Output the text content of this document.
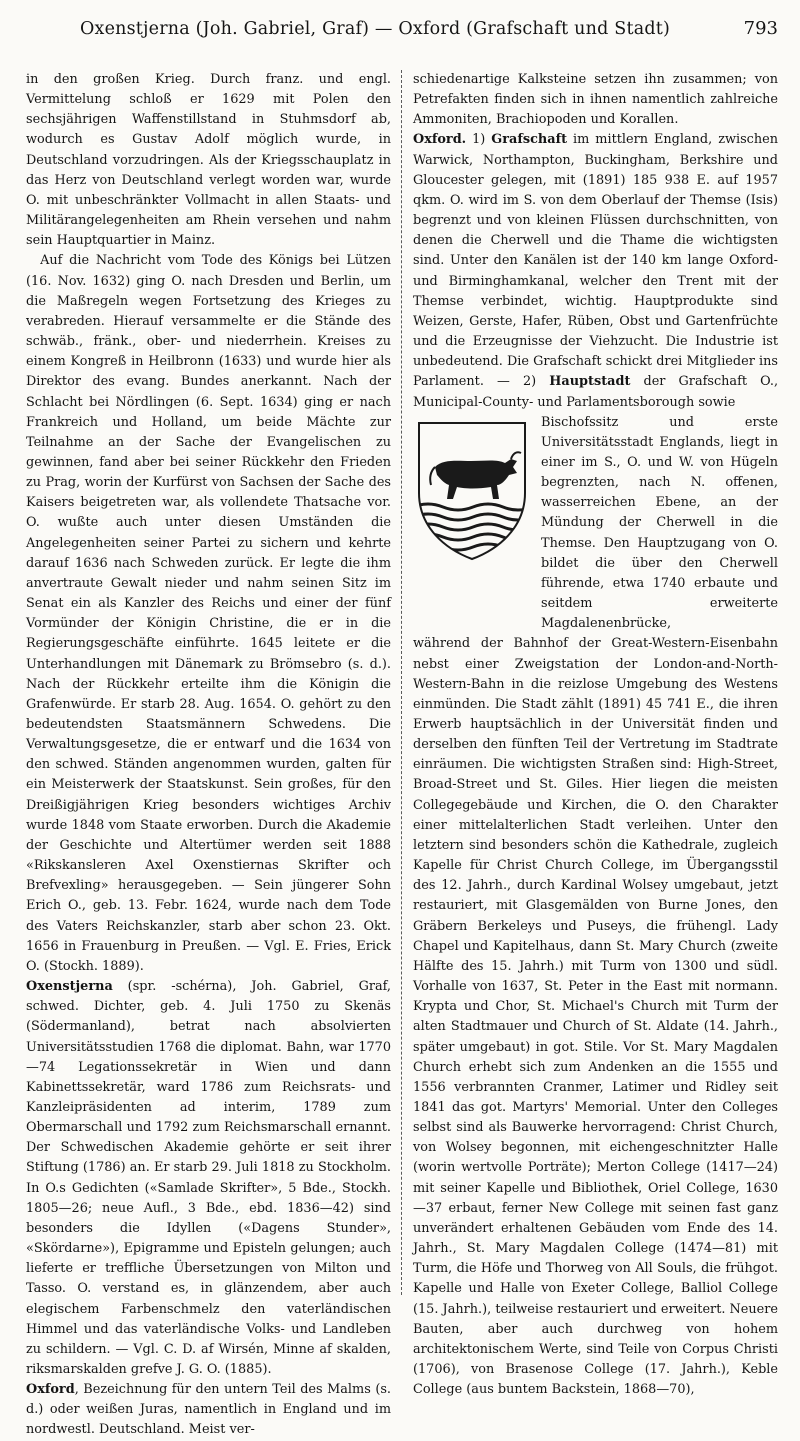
Oxenstjerna (Joh. Gabriel, Graf) — Oxford (Grafschaft und Stadt)	793

in den großen Krieg. Durch franz. und engl. Vermittelung schloß er 1629 mit Polen den sechsjährigen Waffenstillstand in Stuhmsdorf ab, wodurch es Gustav Adolf möglich wurde, in Deutschland vorzudringen. Als der Kriegsschauplatz in das Herz von Deutschland verlegt worden war, wurde O. mit unbeschränkter Vollmacht in allen Staats- und Militärangelegenheiten am Rhein versehen und nahm sein Hauptquartier in Mainz.

Auf die Nachricht vom Tode des Königs bei Lützen (16. Nov. 1632) ging O. nach Dresden und Berlin, um die Maßregeln wegen Fortsetzung des Krieges zu verabreden. Hierauf versammelte er die Stände des schwäb., fränk., ober- und niederrhein. Kreises zu einem Kongreß in Heilbronn (1633) und wurde hier als Direktor des evang. Bundes anerkannt. Nach der Schlacht bei Nördlingen (6. Sept. 1634) ging er nach Frankreich und Holland, um beide Mächte zur Teilnahme an der Sache der Evangelischen zu gewinnen, fand aber bei seiner Rückkehr den Frieden zu Prag, worin der Kurfürst von Sachsen der Sache des Kaisers beigetreten war, als vollendete Thatsache vor. O. wußte auch unter diesen Umständen die Angelegenheiten seiner Partei zu sichern und kehrte darauf 1636 nach Schweden zurück. Er legte die ihm anvertraute Gewalt nieder und nahm seinen Sitz im Senat ein als Kanzler des Reichs und einer der fünf Vormünder der Königin Christine, die er in die Regierungsgeschäfte einführte. 1645 leitete er die Unterhandlungen mit Dänemark zu Brömsebro (s. d.). Nach der Rückkehr erteilte ihm die Königin die Grafenwürde. Er starb 28. Aug. 1654. O. gehört zu den bedeutendsten Staatsmännern Schwedens. Die Verwaltungsgesetze, die er entwarf und die 1634 von den schwed. Ständen angenommen wurden, galten für ein Meisterwerk der Staatskunst. Sein großes, für den Dreißigjährigen Krieg besonders wichtiges Archiv wurde 1848 vom Staate erworben. Durch die Akademie der Geschichte und Altertümer werden seit 1888 «Rikskansleren Axel Oxenstiernas Skrifter och Brefvexling» herausgegeben. — Sein jüngerer Sohn Erich O., geb. 13. Febr. 1624, wurde nach dem Tode des Vaters Reichskanzler, starb aber schon 23. Okt. 1656 in Frauenburg in Preußen. — Vgl. E. Fries, Erick O. (Stockh. 1889).

Oxenstjerna (spr. -schérna), Joh. Gabriel, Graf, schwed. Dichter, geb. 4. Juli 1750 zu Skenäs (Södermanland), betrat nach absolvierten Universitätsstudien 1768 die diplomat. Bahn, war 1770—74 Legationssekretär in Wien und dann Kabinettssekretär, ward 1786 zum Reichsrats- und Kanzleipräsidenten ad interim, 1789 zum Obermarschall und 1792 zum Reichsmarschall ernannt. Der Schwedischen Akademie gehörte er seit ihrer Stiftung (1786) an. Er starb 29. Juli 1818 zu Stockholm. In O.s Gedichten («Samlade Skrifter», 5 Bde., Stockh. 1805—26; neue Aufl., 3 Bde., ebd. 1836—42) sind besonders die Idyllen («Dagens Stunder», «Skördarne»), Epigramme und Episteln gelungen; auch lieferte er treffliche Übersetzungen von Milton und Tasso. O. verstand es, in glänzendem, aber auch elegischem Farbenschmelz den vaterländischen Himmel und das vaterländische Volks- und Landleben zu schildern. — Vgl. C. D. af Wirsén, Minne af skalden, riksmarskalden grefve J. G. O. (1885).

Oxford, Bezeichnung für den untern Teil des Malms (s. d.) oder weißen Juras, namentlich in England und im nordwestl. Deutschland. Meist ver-

schiedenartige Kalksteine setzen ihn zusammen; von Petrefakten finden sich in ihnen namentlich zahlreiche Ammoniten, Brachiopoden und Korallen.

Oxford. 1) Grafschaft im mittlern England, zwischen Warwick, Northampton, Buckingham, Berkshire und Gloucester gelegen, mit (1891) 185 938 E. auf 1957 qkm. O. wird im S. von dem Oberlauf der Themse (Isis) begrenzt und von kleinen Flüssen durchschnitten, von denen die Cherwell und die Thame die wichtigsten sind. Unter den Kanälen ist der 140 km lange Oxford- und Birminghamkanal, welcher den Trent mit der Themse verbindet, wichtig. Hauptprodukte sind Weizen, Gerste, Hafer, Rüben, Obst und Gartenfrüchte und die Erzeugnisse der Viehzucht. Die Industrie ist unbedeutend. Die Grafschaft schickt drei Mitglieder ins Parlament. — 2) Hauptstadt der Grafschaft O., Municipal-County- und Parlamentsborough sowie

Bischofssitz und erste Universitätsstadt Englands, liegt in einer im S., O. und W. von Hügeln begrenzten, nach N. offenen, wasserreichen Ebene, an der Mündung der Cherwell in die Themse. Den Hauptzugang von O. bildet die über den Cherwell führende, etwa 1740 erbaute und seitdem erweiterte Magdalenenbrücke,

während der Bahnhof der Great-Western-Eisenbahn nebst einer Zweigstation der London-and-North-Western-Bahn in die reizlose Umgebung des Westens einmünden. Die Stadt zählt (1891) 45 741 E., die ihren Erwerb hauptsächlich in der Universität finden und derselben den fünften Teil der Vertretung im Stadtrate einräumen. Die wichtigsten Straßen sind: High-Street, Broad-Street und St. Giles. Hier liegen die meisten Collegegebäude und Kirchen, die O. den Charakter einer mittelalterlichen Stadt verleihen. Unter den letztern sind besonders schön die Kathedrale, zugleich Kapelle für Christ Church College, im Übergangsstil des 12. Jahrh., durch Kardinal Wolsey umgebaut, jetzt restauriert, mit Glasgemälden von Burne Jones, den Gräbern Berkeleys und Puseys, die frühengl. Lady Chapel und Kapitelhaus, dann St. Mary Church (zweite Hälfte des 15. Jahrh.) mit Turm von 1300 und südl. Vorhalle von 1637, St. Peter in the East mit normann. Krypta und Chor, St. Michael's Church mit Turm der alten Stadtmauer und Church of St. Aldate (14. Jahrh., später umgebaut) in got. Stile. Vor St. Mary Magdalen Church erhebt sich zum Andenken an die 1555 und 1556 verbrannten Cranmer, Latimer und Ridley seit 1841 das got. Martyrs' Memorial. Unter den Colleges selbst sind als Bauwerke hervorragend: Christ Church, von Wolsey begonnen, mit eichengeschnitzter Halle (worin wertvolle Porträte); Merton College (1417—24) mit seiner Kapelle und Bibliothek, Oriel College, 1630—37 erbaut, ferner New College mit seinen fast ganz unverändert erhaltenen Gebäuden vom Ende des 14. Jahrh., St. Mary Magdalen College (1474—81) mit Turm, die Höfe und Thorweg von All Souls, die frühgot. Kapelle und Halle von Exeter College, Balliol College (15. Jahrh.), teilweise restauriert und erweitert. Neuere Bauten, aber auch durchweg von hohem architektonischem Werte, sind Teile von Corpus Christi (1706), von Brasenose College (17. Jahrh.), Keble College (aus buntem Backstein, 1868—70),
